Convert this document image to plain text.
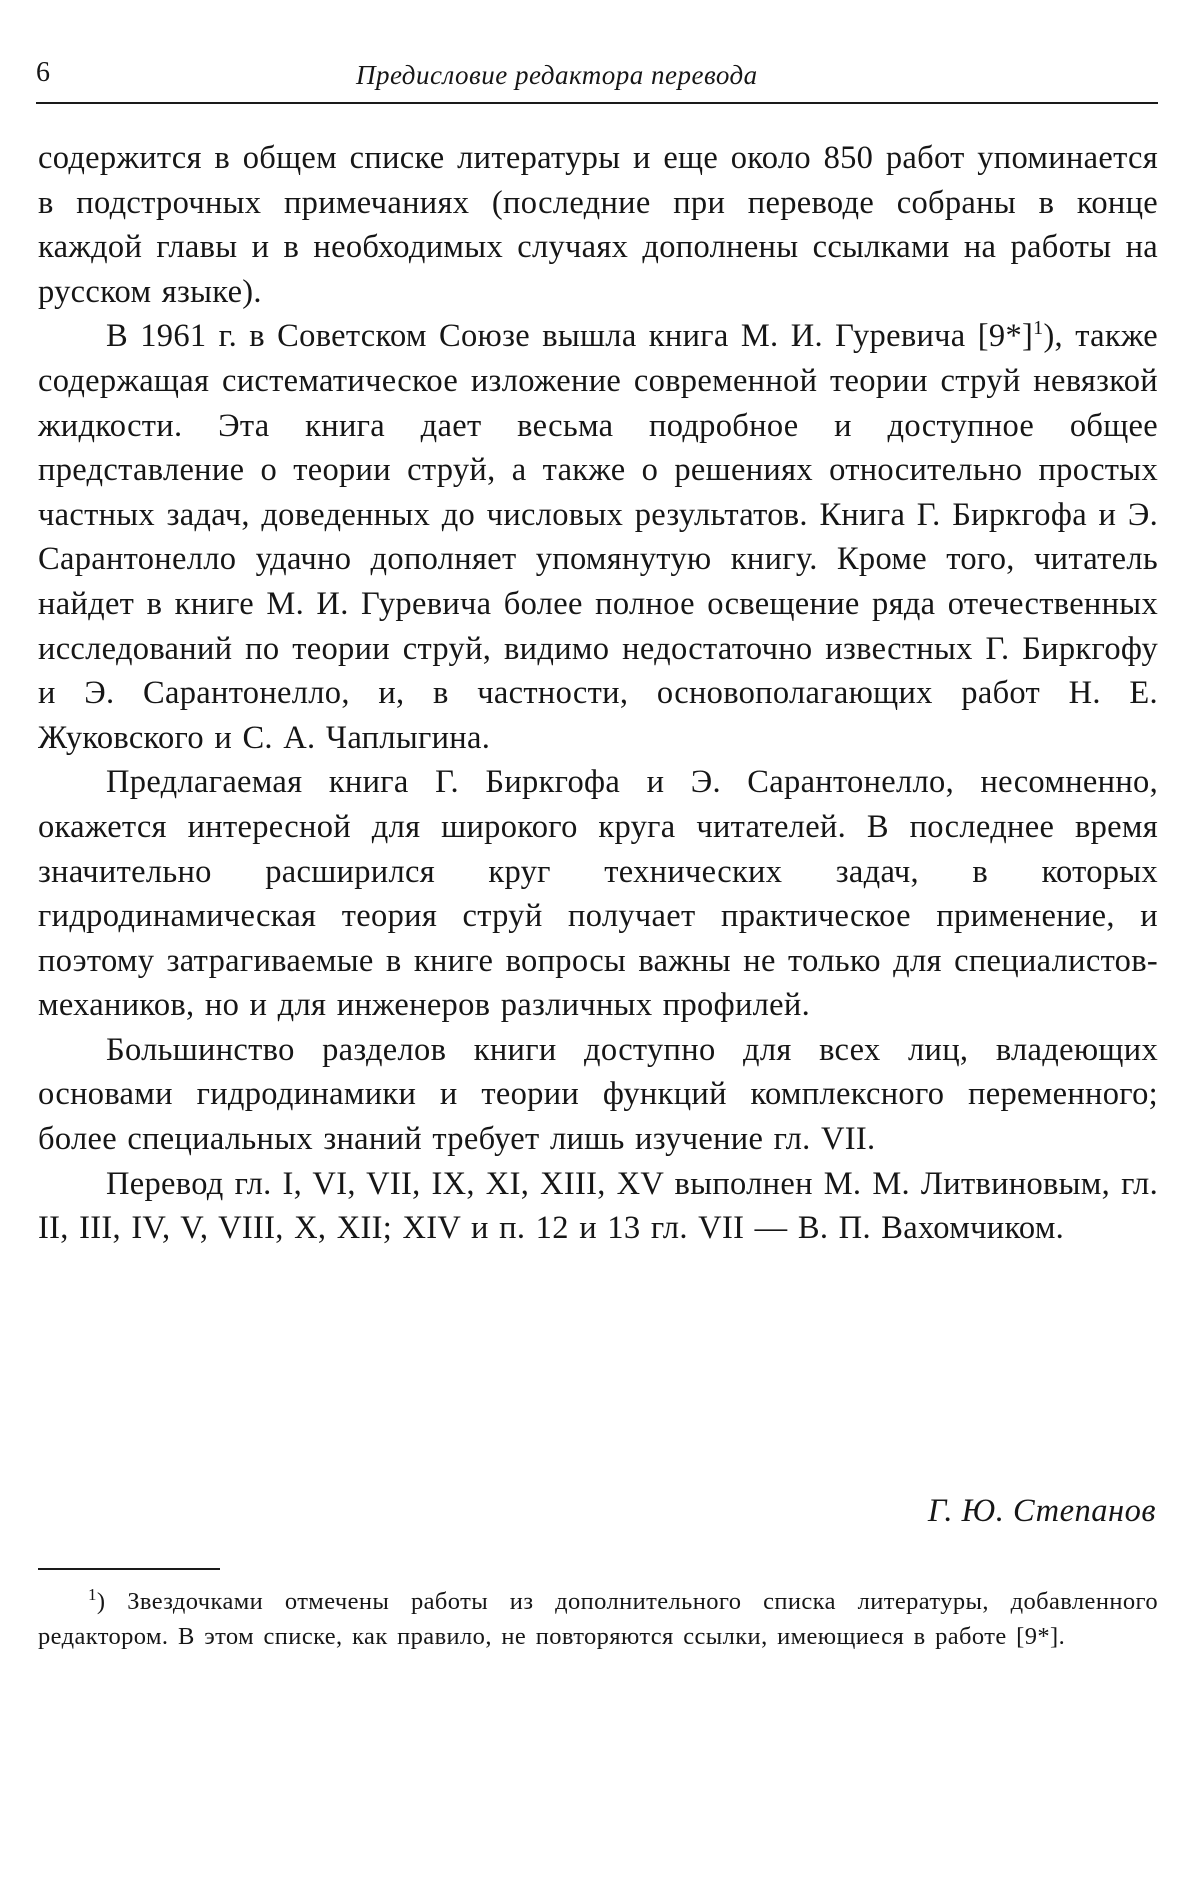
6	Предисловие редактора перевода

содержится в общем списке литературы и еще около 850 работ упоминается в подстрочных примечаниях (последние при переводе собраны в конце каждой главы и в необходимых случаях дополнены ссылками на работы на русском языке).

В 1961 г. в Советском Союзе вышла книга М. И. Гуревича [9*]$^1$), также содержащая систематическое изложение современной теории струй невязкой жидкости. Эта книга дает весьма подробное и доступное общее представление о теории струй, а также о решениях относительно простых частных задач, доведенных до числовых результатов. Книга Г. Биркгофа и Э. Сарантонелло удачно дополняет упомянутую книгу. Кроме того, читатель найдет в книге М. И. Гуревича более полное освещение ряда отечественных исследований по теории струй, видимо недостаточно известных Г. Биркгофу и Э. Сарантонелло, и, в частности, основополагающих работ Н. Е. Жуковского и С. А. Чаплыгина.

Предлагаемая книга Г. Биркгофа и Э. Сарантонелло, несомненно, окажется интересной для широкого круга читателей. В последнее время значительно расширился круг технических задач, в которых гидродинамическая теория струй получает практическое применение, и поэтому затрагиваемые в книге вопросы важны не только для специалистов-механиков, но и для инженеров различных профилей.

Большинство разделов книги доступно для всех лиц, владеющих основами гидродинамики и теории функций комплексного переменного; более специальных знаний требует лишь изучение гл. VII.

Перевод гл. I, VI, VII, IX, XI, XIII, XV выполнен М. М. Литвиновым, гл. II, III, IV, V, VIII, X, XII; XIV и п. 12 и 13 гл. VII — В. П. Вахомчиком.

Г. Ю. Степанов

$^1$) Звездочками отмечены работы из дополнительного списка литературы, добавленного редактором. В этом списке, как правило, не повторяются ссылки, имеющиеся в работе [9*].
